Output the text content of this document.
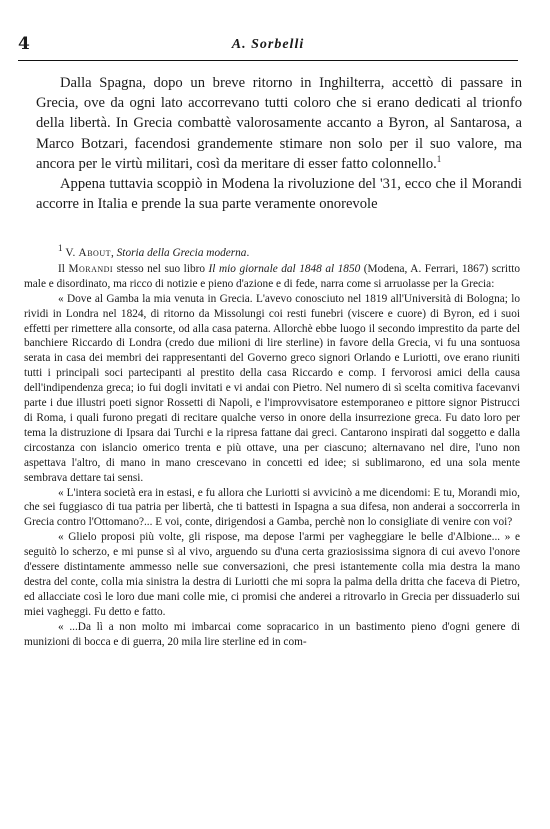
4	A. Sorbelli

Dalla Spagna, dopo un breve ritorno in Inghilterra, accettò di passare in Grecia, ove da ogni lato accorrevano tutti coloro che si erano dedicati al trionfo della libertà. In Grecia combattè valorosamente accanto a Byron, al Santarosa, a Marco Botzari, facendosi grandemente stimare non solo per il suo valore, ma ancora per le virtù militari, così da meritare di esser fatto colonnello.$^1$

Appena tuttavia scoppiò in Modena la rivoluzione del '31, ecco che il Morandi accorre in Italia e prende la sua parte veramente onorevole

$^1$ V. About, Storia della Grecia moderna.

Il Morandi stesso nel suo libro Il mio giornale dal 1848 al 1850 (Modena, A. Ferrari, 1867) scritto male e disordinato, ma ricco di notizie e pieno d'azione e di fede, narra come si arruolasse per la Grecia:

« Dove al Gamba la mia venuta in Grecia. L'avevo conosciuto nel 1819 all'Università di Bologna; lo rividi in Londra nel 1824, di ritorno da Missolungi coi resti funebri (viscere e cuore) di Byron, ed i suoi effetti per rimettere alla consorte, od alla casa paterna. Allorchè ebbe luogo il secondo imprestito da parte del banchiere Riccardo di Londra (credo due milioni di lire sterline) in favore della Grecia, vi fu una sontuosa serata in casa dei membri dei rappresentanti del Governo greco signori Orlando e Luriotti, ove erano riuniti tutti i principali soci partecipanti al prestito della casa Riccardo e comp. I fervorosi amici della causa dell'indipendenza greca; io fui dogli invitati e vi andai con Pietro. Nel numero di sì scelta comitiva facevanvi parte i due illustri poeti signor Rossetti di Napoli, e l'improvvisatore estemporaneo e pittore signor Pistrucci di Roma, i quali furono pregati di recitare qualche verso in onore della insurrezione greca. Fu dato loro per tema la distruzione di Ipsara dai Turchi e la ripresa fattane dai greci. Cantarono inspirati dal soggetto e dalla circostanza con islancio omerico trenta e più ottave, una per ciascuno; alternavano nel dire, l'uno non aspettava l'altro, di mano in mano crescevano in concetti ed idee; si sublimarono, ed una sola mente sembrava dettare tai sensi.

« L'intera società era in estasi, e fu allora che Luriotti si avvicinò a me dicendomi: E tu, Morandi mio, che sei fuggiasco di tua patria per libertà, che ti battesti in Ispagna a sua difesa, non anderai a soccorrerla in Grecia contro l'Ottomano?... E voi, conte, dirigendosi a Gamba, perchè non lo consigliate di venire con voi?

« Glielo proposi più volte, gli rispose, ma depose l'armi per vagheggiare le belle d'Albione... » e seguitò lo scherzo, e mi punse sì al vivo, arguendo su d'una certa graziosissima signora di cui avevo l'onore d'essere distintamente ammesso nelle sue conversazioni, che presi istantemente colla mia destra la mano destra del conte, colla mia sinistra la destra di Luriotti che mi sopra la palma della dritta che faceva di Pietro, ed allacciate così le loro due mani colle mie, ci promisi che anderei a ritrovarlo in Grecia per dissuaderlo sui miei vagheggi. Fu detto e fatto.

« ...Da lì a non molto mi imbarcai come sopracarico in un bastimento pieno d'ogni genere di munizioni di bocca e di guerra, 20 mila lire sterline ed in com-
